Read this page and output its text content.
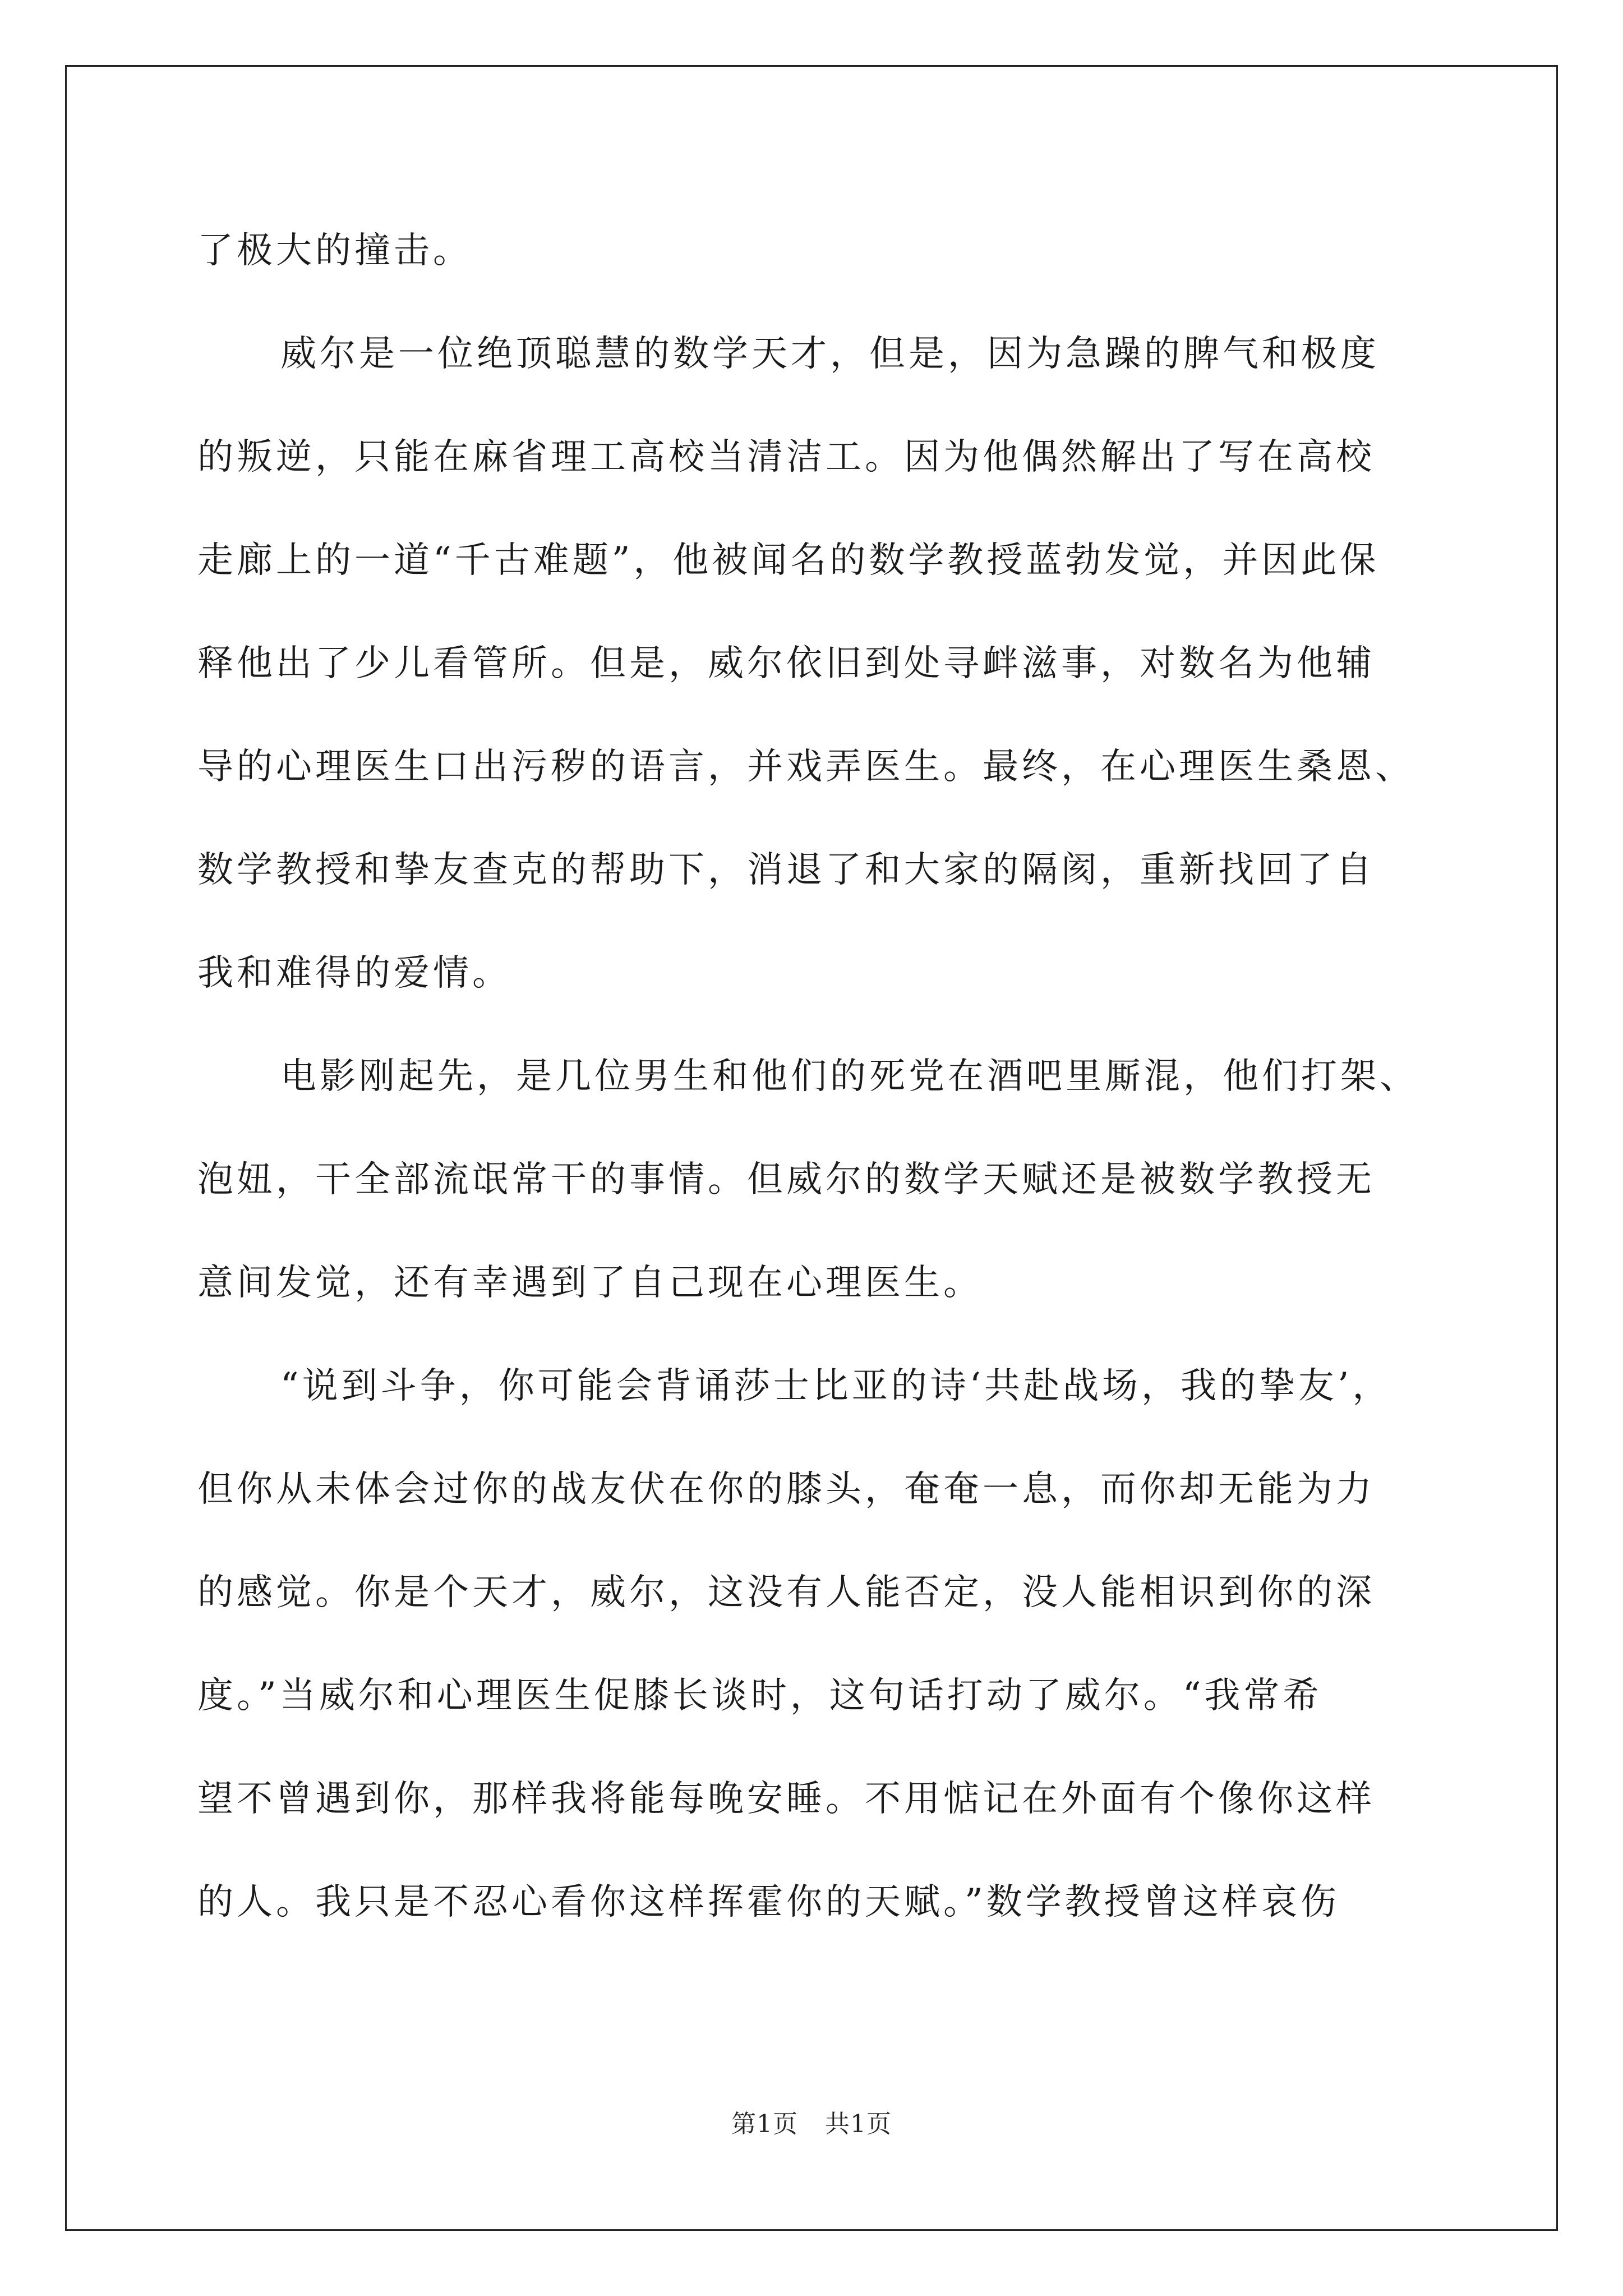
了极大的撞击。
威尔是一位绝顶聪慧的数学天才，但是，因为急躁的脾气和极度
的叛逆，只能在麻省理工高校当清洁工。因为他偶然解出了写在高校
走廊上的一道“千古难题”，他被闻名的数学教授蓝勃发觉，并因此保
释他出了少儿看管所。但是，威尔依旧到处寻衅滋事，对数名为他辅
导的心理医生口出污秽的语言，并戏弄医生。最终，在心理医生桑恩、
数学教授和挚友查克的帮助下，消退了和大家的隔阂，重新找回了自
我和难得的爱情。
电影刚起先，是几位男生和他们的死党在酒吧里厮混，他们打架、
泡妞，干全部流氓常干的事情。但威尔的数学天赋还是被数学教授无
意间发觉，还有幸遇到了自己现在心理医生。
“说到斗争，你可能会背诵莎士比亚的诗‘共赴战场，我的挚友’，
但你从未体会过你的战友伏在你的膝头，奄奄一息，而你却无能为力
的感觉。你是个天才，威尔，这没有人能否定，没人能相识到你的深
度。”当威尔和心理医生促膝长谈时，这句话打动了威尔。“我常希
望不曾遇到你，那样我将能每晚安睡。不用惦记在外面有个像你这样
的人。我只是不忍心看你这样挥霍你的天赋。”数学教授曾这样哀伤
第1页 共1页
